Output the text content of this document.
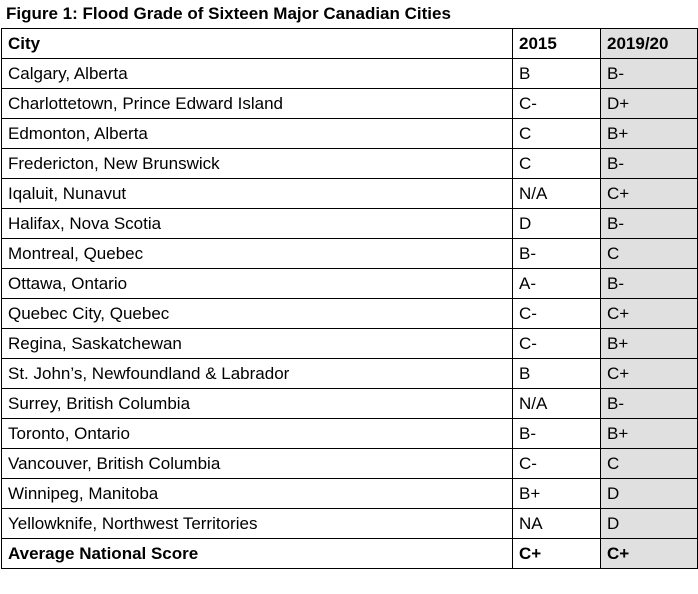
Figure 1: Flood Grade of Sixteen Major Canadian Cities
City	2015	2019/20
Calgary, Alberta	B	B-
Charlottetown, Prince Edward Island	C-	D+
Edmonton, Alberta	C	B+
Fredericton, New Brunswick	C	B-
Iqaluit, Nunavut	N/A	C+
Halifax, Nova Scotia	D	B-
Montreal, Quebec	B-	C
Ottawa, Ontario	A-	B-
Quebec City, Quebec	C-	C+
Regina, Saskatchewan	C-	B+
St. John’s, Newfoundland & Labrador	B	C+
Surrey, British Columbia	N/A	B-
Toronto, Ontario	B-	B+
Vancouver, British Columbia	C-	C
Winnipeg, Manitoba	B+	D
Yellowknife, Northwest Territories	NA	D
Average National Score	C+	C+
